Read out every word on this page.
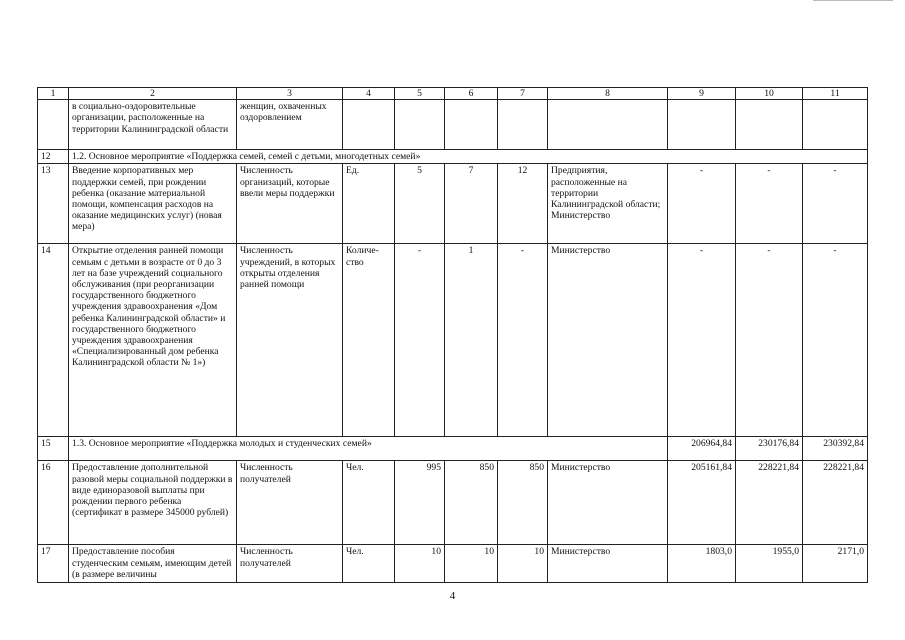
1	2	3	4	5	6	7	8	9	10	11
	в социально-оздоровительные организации, расположенные на территории Калининградской области	женщин, охваченных оздоровлением								
12	1.2. Основное мероприятие «Поддержка семей, семей с детьми, многодетных семей»									
13	Введение корпоративных мер поддержки семей, при рождении ребенка (оказание материальной помощи, компенсация расходов на оказание медицинских услуг) (новая мера)	Численность организаций, которые ввели меры поддержки	Ед.	5	7	12	Предприятия, расположенные на территории Калининградской области; Министерство	-	-	-
14	Открытие отделения ранней помощи семьям с детьми в возрасте от 0 до 3 лет на базе учреждений социального обслуживания (при реорганизации государственного бюджетного учреждения здравоохранения «Дом ребенка Калининградской области» и государственного бюджетного учреждения здравоохранения «Специализированный дом ребенка Калининградской области № 1»)	Численность учреждений, в которых открыты отделения ранней помощи	Количе-ство	-	1	-	Министерство	-	-	-
15	1.3. Основное мероприятие «Поддержка молодых и студенческих семей»							206964,84	230176,84	230392,84
16	Предоставление дополнительной разовой меры социальной поддержки в виде единоразовой выплаты при рождении первого ребенка (сертификат в размере 345000 рублей)	Численность получателей	Чел.	995	850	850	Министерство	205161,84	228221,84	228221,84
17	Предоставление пособия студенческим семьям, имеющим детей (в размере величины	Численность получателей	Чел.	10	10	10	Министерство	1803,0	1955,0	2171,0
4
